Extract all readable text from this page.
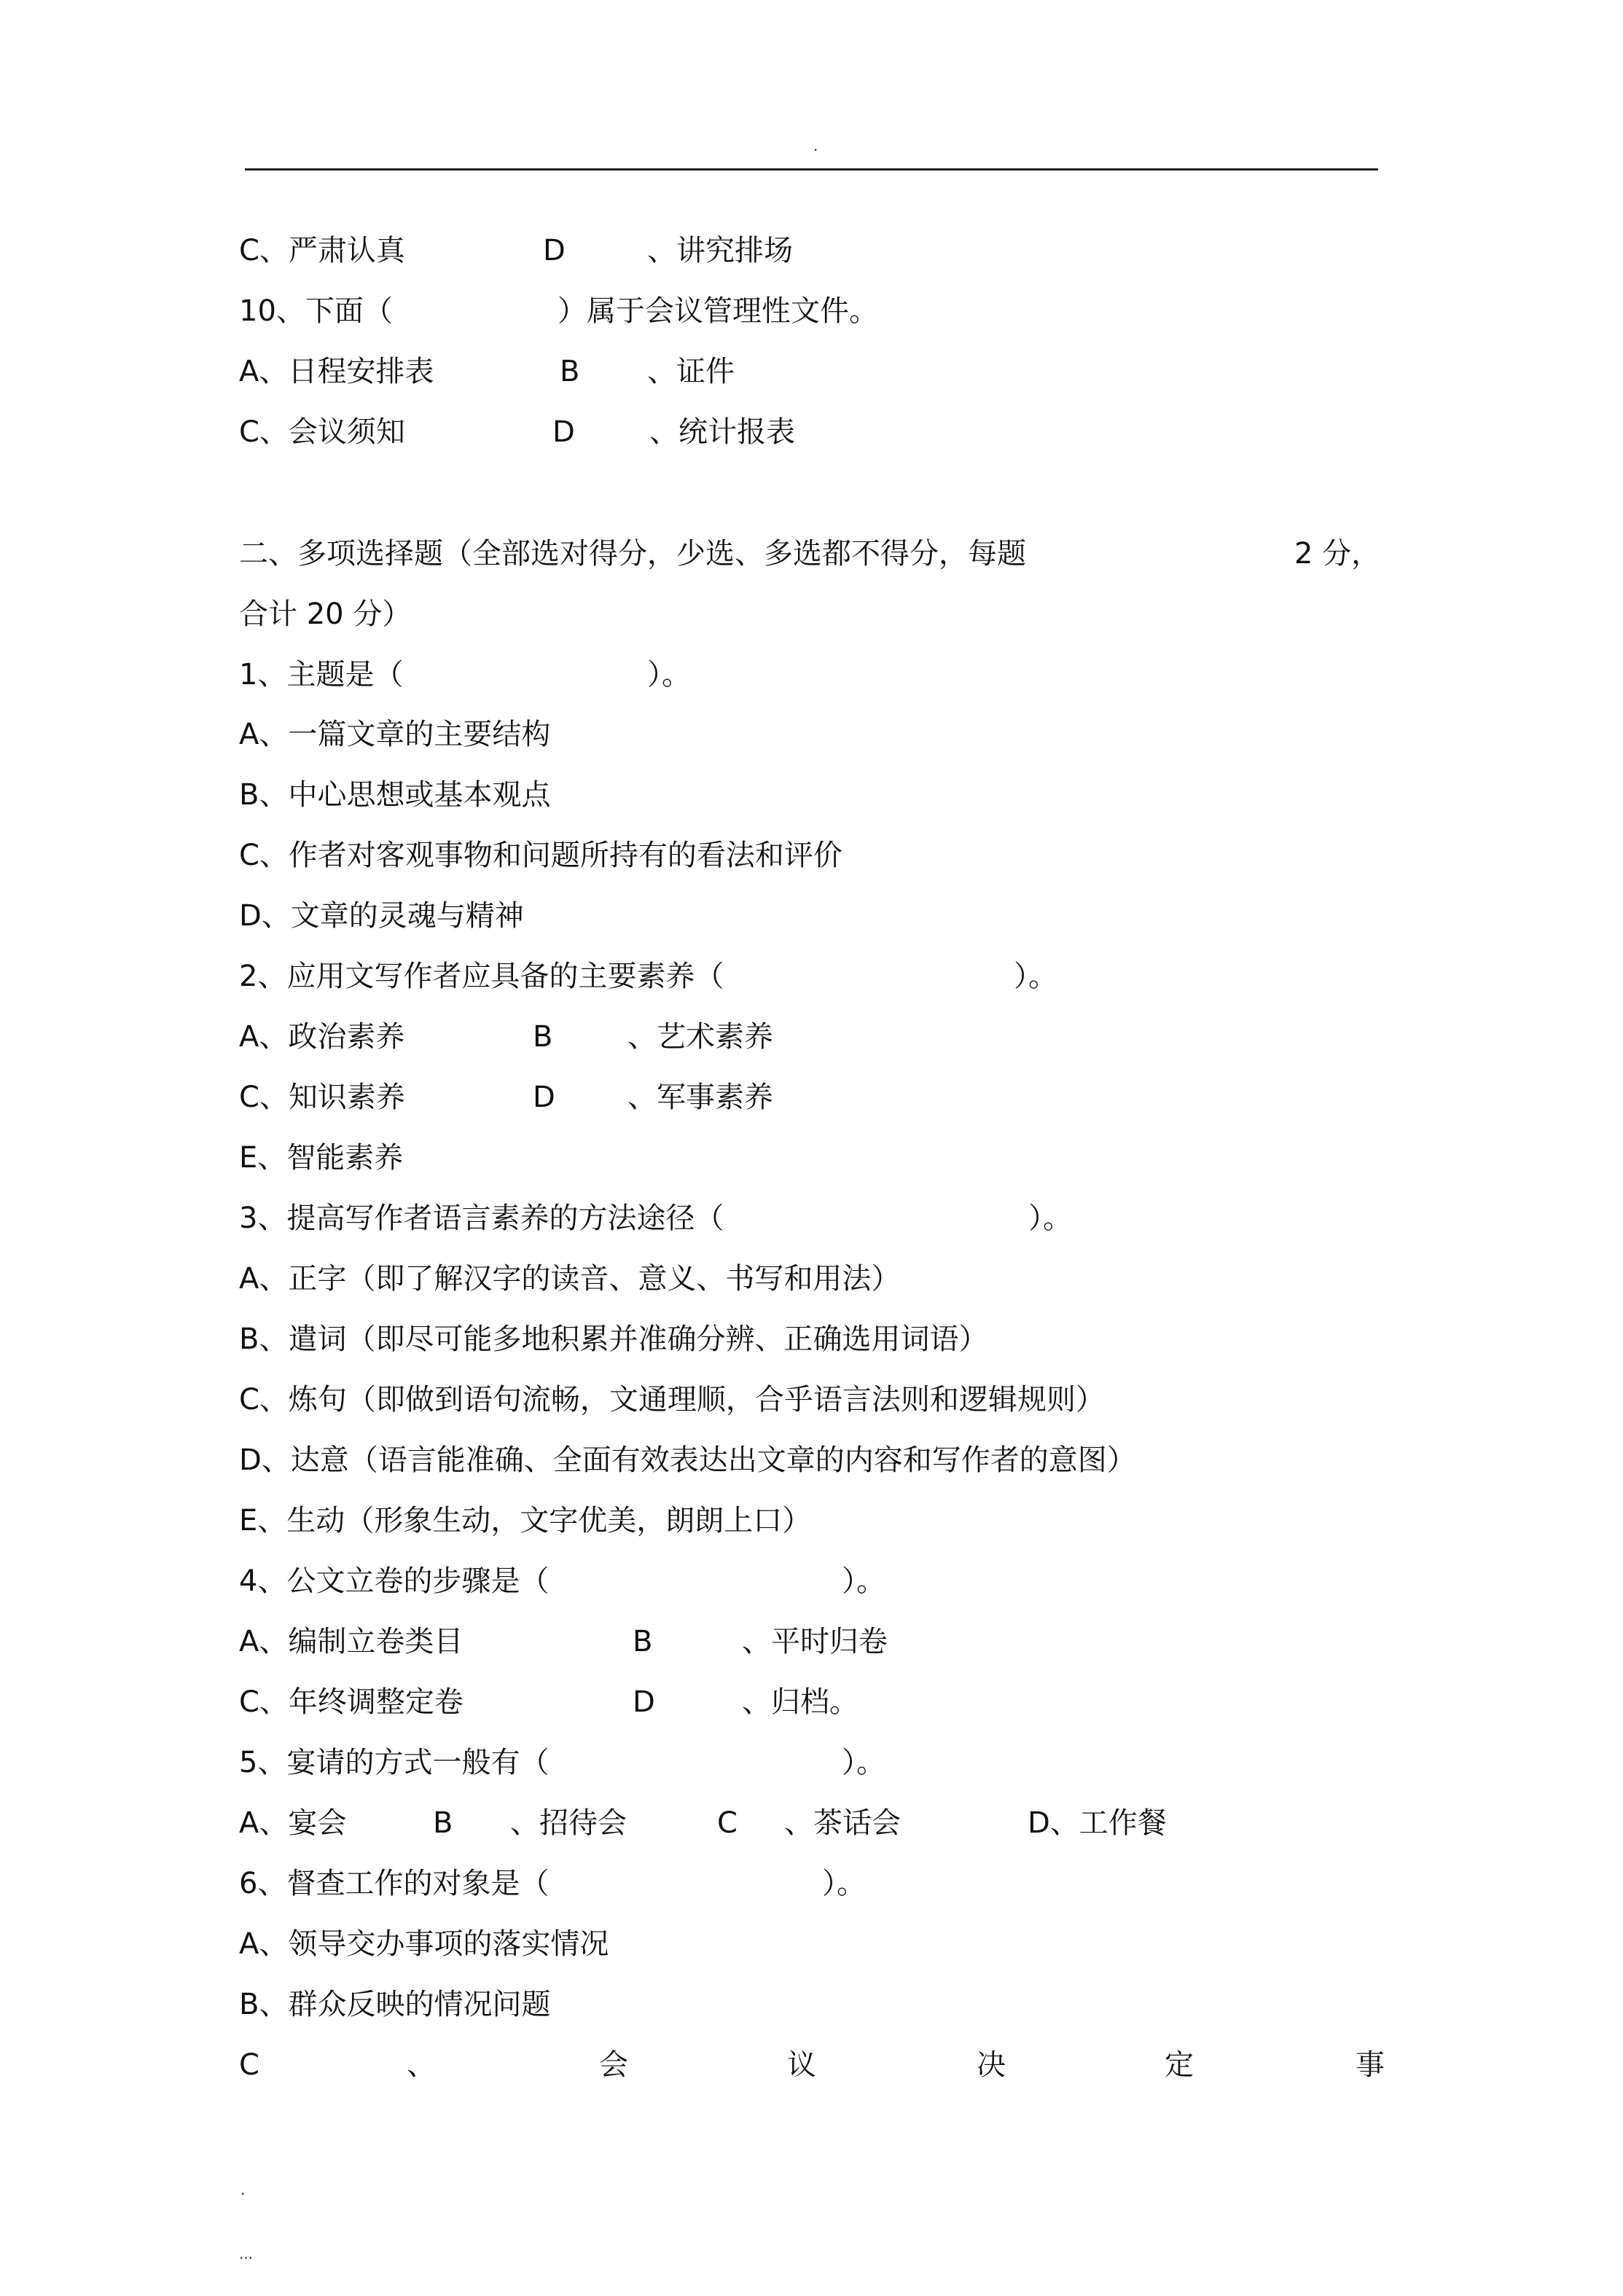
.
C、严肃认真	D	、讲究排场
10、下面（	）属于会议管理性文件。
A、日程安排表	B 、证件
C、会议须知	D	、统计报表
二、多项选择题（全部选对得分，少选、多选都不得分，每题	2 分，
合计 20 分）
1、主题是（	）。
A、一篇文章的主要结构
B、中心思想或基本观点
C、作者对客观事物和问题所持有的看法和评价
D、文章的灵魂与精神
2、应用文写作者应具备的主要素养（	）。
A、政治素养	B	、艺术素养
C、知识素养	D 、军事素养
E、智能素养
3、提高写作者语言素养的方法途径（	）。
A、正字（即了解汉字的读音、意义、书写和用法）
B、遣词（即尽可能多地积累并准确分辨、正确选用词语）
C、炼句（即做到语句流畅，文通理顺，合乎语言法则和逻辑规则）
D、达意（语言能准确、全面有效表达出文章的内容和写作者的意图）
E、生动（形象生动，文字优美，朗朗上口）
4、公文立卷的步骤是（	）。
A、编制立卷类目	B	、平时归卷
C、年终调整定卷	D	、归档。
5、宴请的方式一般有（	）。
A、宴会	B 、招待会	C 、茶话会	D、工作餐
6、督查工作的对象是（	）。
A、领导交办事项的落实情况
B、群众反映的情况问题
C	、	会	议	决	定	事
.
...
